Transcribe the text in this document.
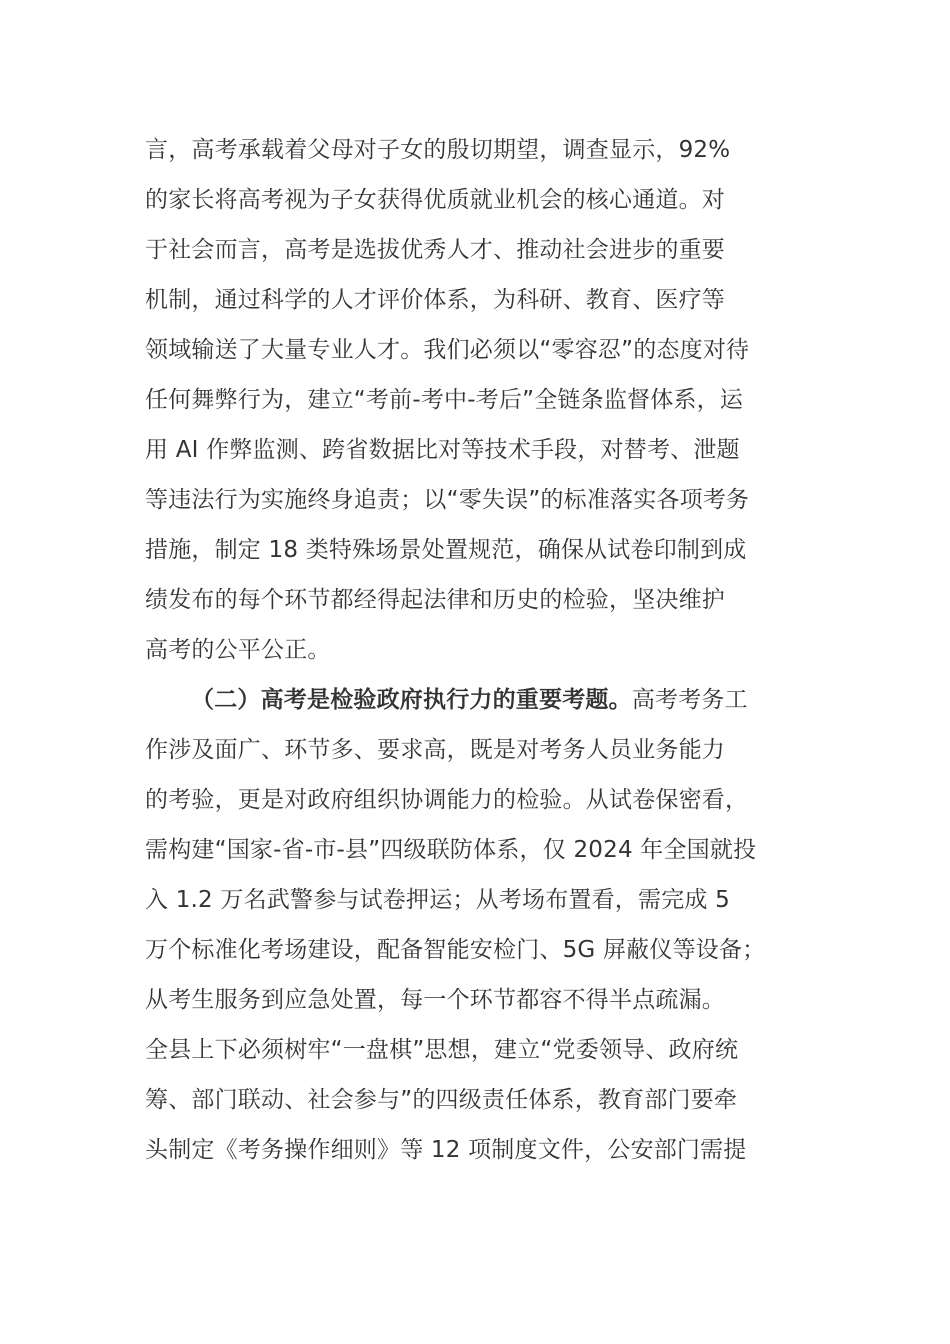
言，高考承载着父母对子女的殷切期望，调查显示，92%
的家长将高考视为子女获得优质就业机会的核心通道。对
于社会而言，高考是选拔优秀人才、推动社会进步的重要
机制，通过科学的人才评价体系，为科研、教育、医疗等
领域输送了大量专业人才。我们必须以“零容忍”的态度对待
任何舞弊行为，建立“考前-考中-考后”全链条监督体系，运
用 AI 作弊监测、跨省数据比对等技术手段，对替考、泄题
等违法行为实施终身追责；以“零失误”的标准落实各项考务
措施，制定 18 类特殊场景处置规范，确保从试卷印制到成
绩发布的每个环节都经得起法律和历史的检验，坚决维护
高考的公平公正。
（二）高考是检验政府执行力的重要考题。高考考务工
作涉及面广、环节多、要求高，既是对考务人员业务能力
的考验，更是对政府组织协调能力的检验。从试卷保密看，
需构建“国家-省-市-县”四级联防体系，仅 2024 年全国就投
入 1.2 万名武警参与试卷押运；从考场布置看，需完成 5
万个标准化考场建设，配备智能安检门、5G 屏蔽仪等设备；
从考生服务到应急处置，每一个环节都容不得半点疏漏。
全县上下必须树牢“一盘棋”思想，建立“党委领导、政府统
筹、部门联动、社会参与”的四级责任体系，教育部门要牵
头制定《考务操作细则》等 12 项制度文件，公安部门需提
